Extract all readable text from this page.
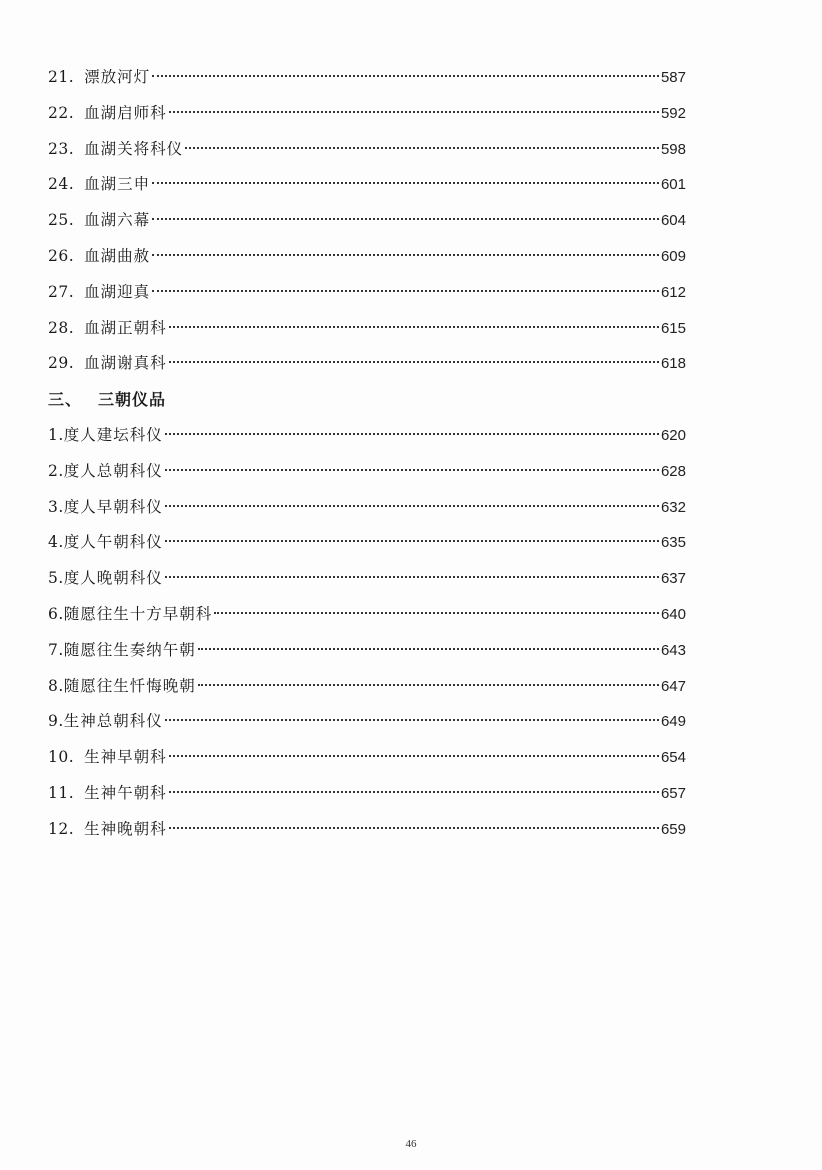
21. 漂放河灯	587
22. 血湖启师科	592
23. 血湖关将科仪	598
24. 血湖三申	601
25. 血湖六幕	604
26. 血湖曲赦	609
27. 血湖迎真	612
28. 血湖正朝科	615
29. 血湖谢真科	618
三、 三朝仪品
1. 度人建坛科仪	620
2. 度人总朝科仪	628
3. 度人早朝科仪	632
4. 度人午朝科仪	635
5. 度人晚朝科仪	637
6. 随愿往生十方早朝科	640
7. 随愿往生奏纳午朝	643
8. 随愿往生忏悔晚朝	647
9. 生神总朝科仪	649
10. 生神早朝科	654
11. 生神午朝科	657
12. 生神晚朝科	659
46
